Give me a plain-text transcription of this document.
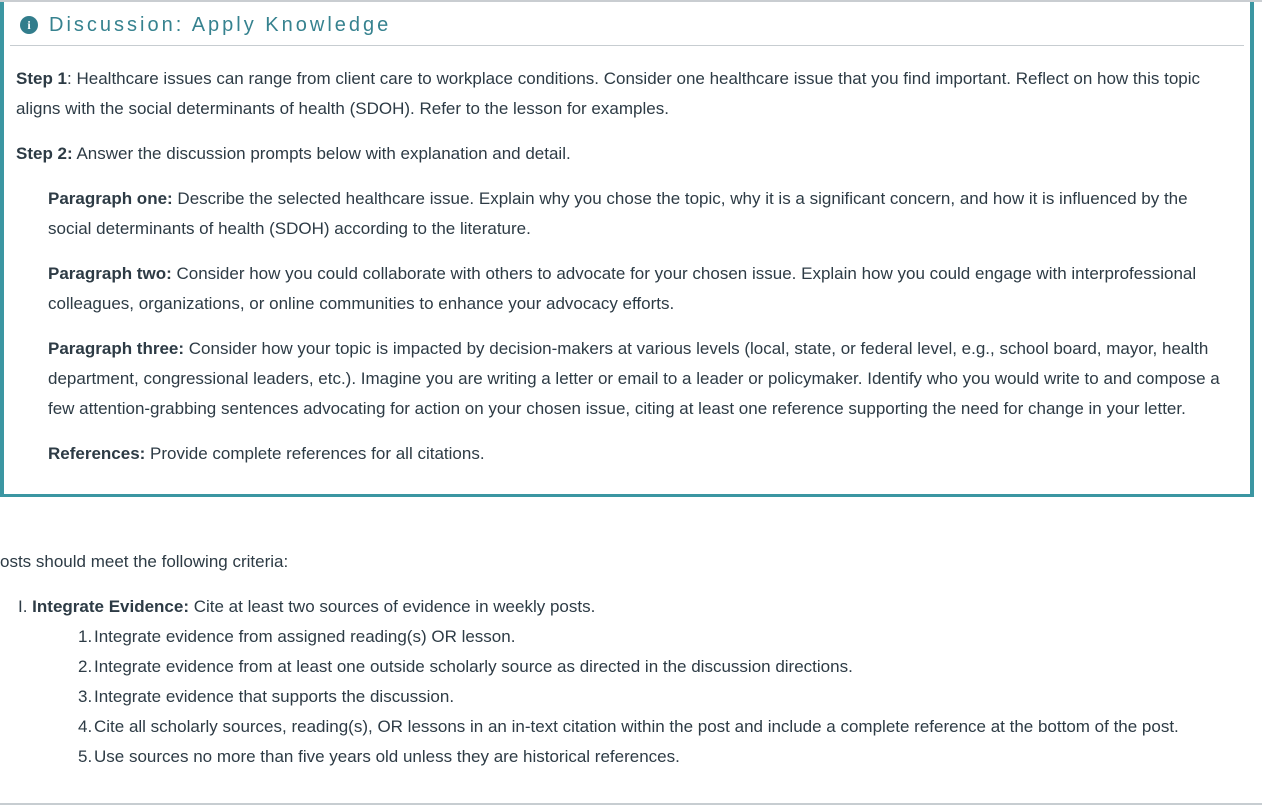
i Discussion: Apply Knowledge

Step 1: Healthcare issues can range from client care to workplace conditions. Consider one healthcare issue that you find important. Reflect on how this topic aligns with the social determinants of health (SDOH). Refer to the lesson for examples.

Step 2: Answer the discussion prompts below with explanation and detail.

Paragraph one: Describe the selected healthcare issue. Explain why you chose the topic, why it is a significant concern, and how it is influenced by the social determinants of health (SDOH) according to the literature.

Paragraph two: Consider how you could collaborate with others to advocate for your chosen issue. Explain how you could engage with interprofessional colleagues, organizations, or online communities to enhance your advocacy efforts.

Paragraph three: Consider how your topic is impacted by decision-makers at various levels (local, state, or federal level, e.g., school board, mayor, health department, congressional leaders, etc.). Imagine you are writing a letter or email to a leader or policymaker. Identify who you would write to and compose a few attention-grabbing sentences advocating for action on your chosen issue, citing at least one reference supporting the need for change in your letter.

References: Provide complete references for all citations.

osts should meet the following criteria:
I. Integrate Evidence: Cite at least two sources of evidence in weekly posts.
1. Integrate evidence from assigned reading(s) OR lesson.
2. Integrate evidence from at least one outside scholarly source as directed in the discussion directions.
3. Integrate evidence that supports the discussion.
4. Cite all scholarly sources, reading(s), OR lessons in an in-text citation within the post and include a complete reference at the bottom of the post.
5. Use sources no more than five years old unless they are historical references.
